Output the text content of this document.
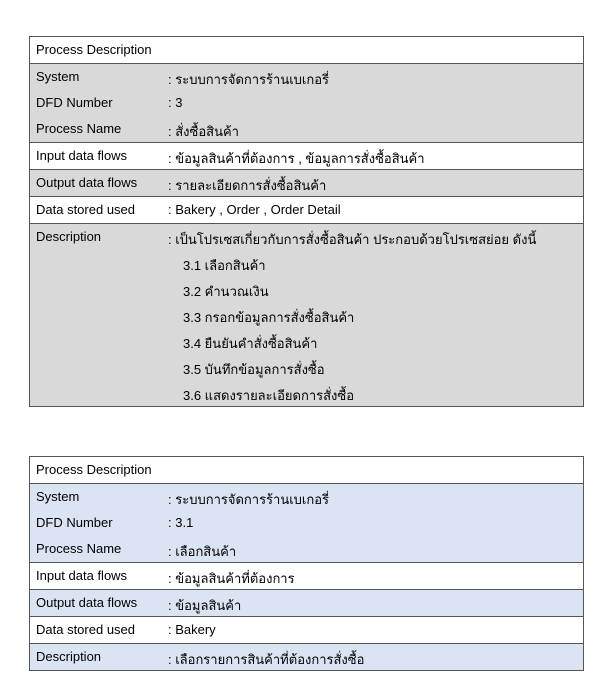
Process Description
System	: ระบบการจัดการร้านเบเกอรี่
DFD Number	: 3
Process Name	: สั่งซื้อสินค้า
Input data flows	: ข้อมูลสินค้าที่ต้องการ , ข้อมูลการสั่งซื้อสินค้า
Output data flows : รายละเอียดการสั่งซื้อสินค้า
Data stored used	: Bakery , Order , Order Detail
Description	: เป็นโปรเซสเกี่ยวกับการสั่งซื้อสินค้า ประกอบด้วยโปรเซสย่อย ดังนี้
3.1 เลือกสินค้า
3.2 คำนวณเงิน
3.3 กรอกข้อมูลการสั่งซื้อสินค้า
3.4 ยืนยันคำสั่งซื้อสินค้า
3.5 บันทึกข้อมูลการสั่งซื้อ
3.6 แสดงรายละเอียดการสั่งซื้อ
Process Description
System	: ระบบการจัดการร้านเบเกอรี่
DFD Number	: 3.1
Process Name	: เลือกสินค้า
Input data flows	: ข้อมูลสินค้าที่ต้องการ
Output data flows : ข้อมูลสินค้า
Data stored used	: Bakery
Description	: เลือกรายการสินค้าที่ต้องการสั่งซื้อ
